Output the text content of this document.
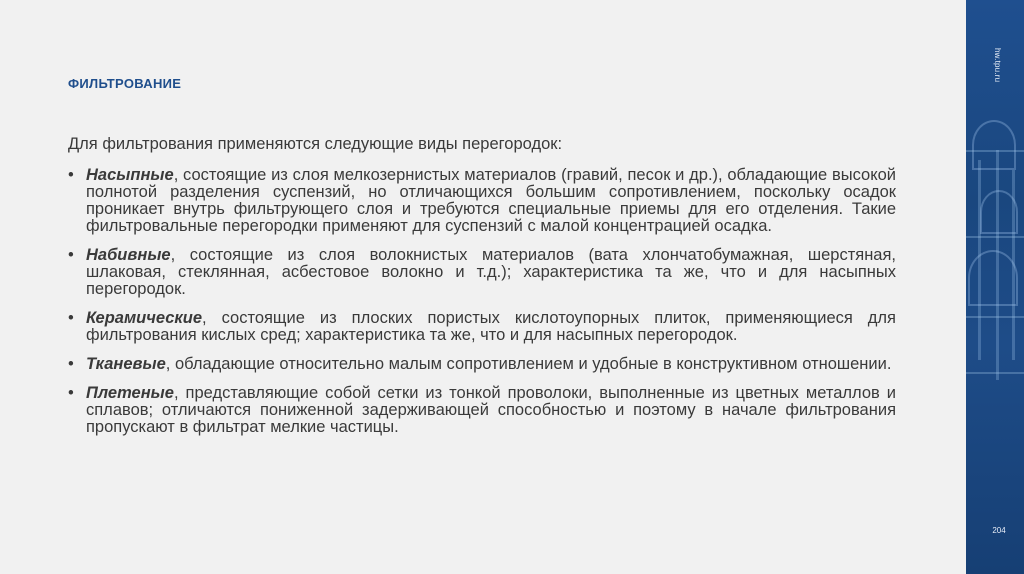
hw.tpu.ru
204
ФИЛЬТРОВАНИЕ

Для фильтрования применяются следующие виды перегородок:

• Насыпные, состоящие из слоя мелкозернистых материалов (гравий, песок и др.), обладающие высокой полнотой разделения суспензий, но отличающихся большим сопротивлением, поскольку осадок проникает внутрь фильтрующего слоя и требуются специальные приемы для его отделения. Такие фильтровальные перегородки применяют для суспензий с малой концентрацией осадка.
• Набивные, состоящие из слоя волокнистых материалов (вата хлончатобумажная, шерстяная, шлаковая, стеклянная, асбестовое волокно и т.д.); характеристика та же, что и для насыпных перегородок.
• Керамические, состоящие из плоских пористых кислотоупорных плиток, применяющиеся для фильтрования кислых сред; характеристика та же, что и для насыпных перегородок.
• Тканевые, обладающие относительно малым сопротивлением и удобные в конструктивном отношении.
• Плетеные, представляющие собой сетки из тонкой проволоки, выполненные из цветных металлов и сплавов; отличаются пониженной задерживающей способностью и поэтому в начале фильтрования пропускают в фильтрат мелкие частицы.
